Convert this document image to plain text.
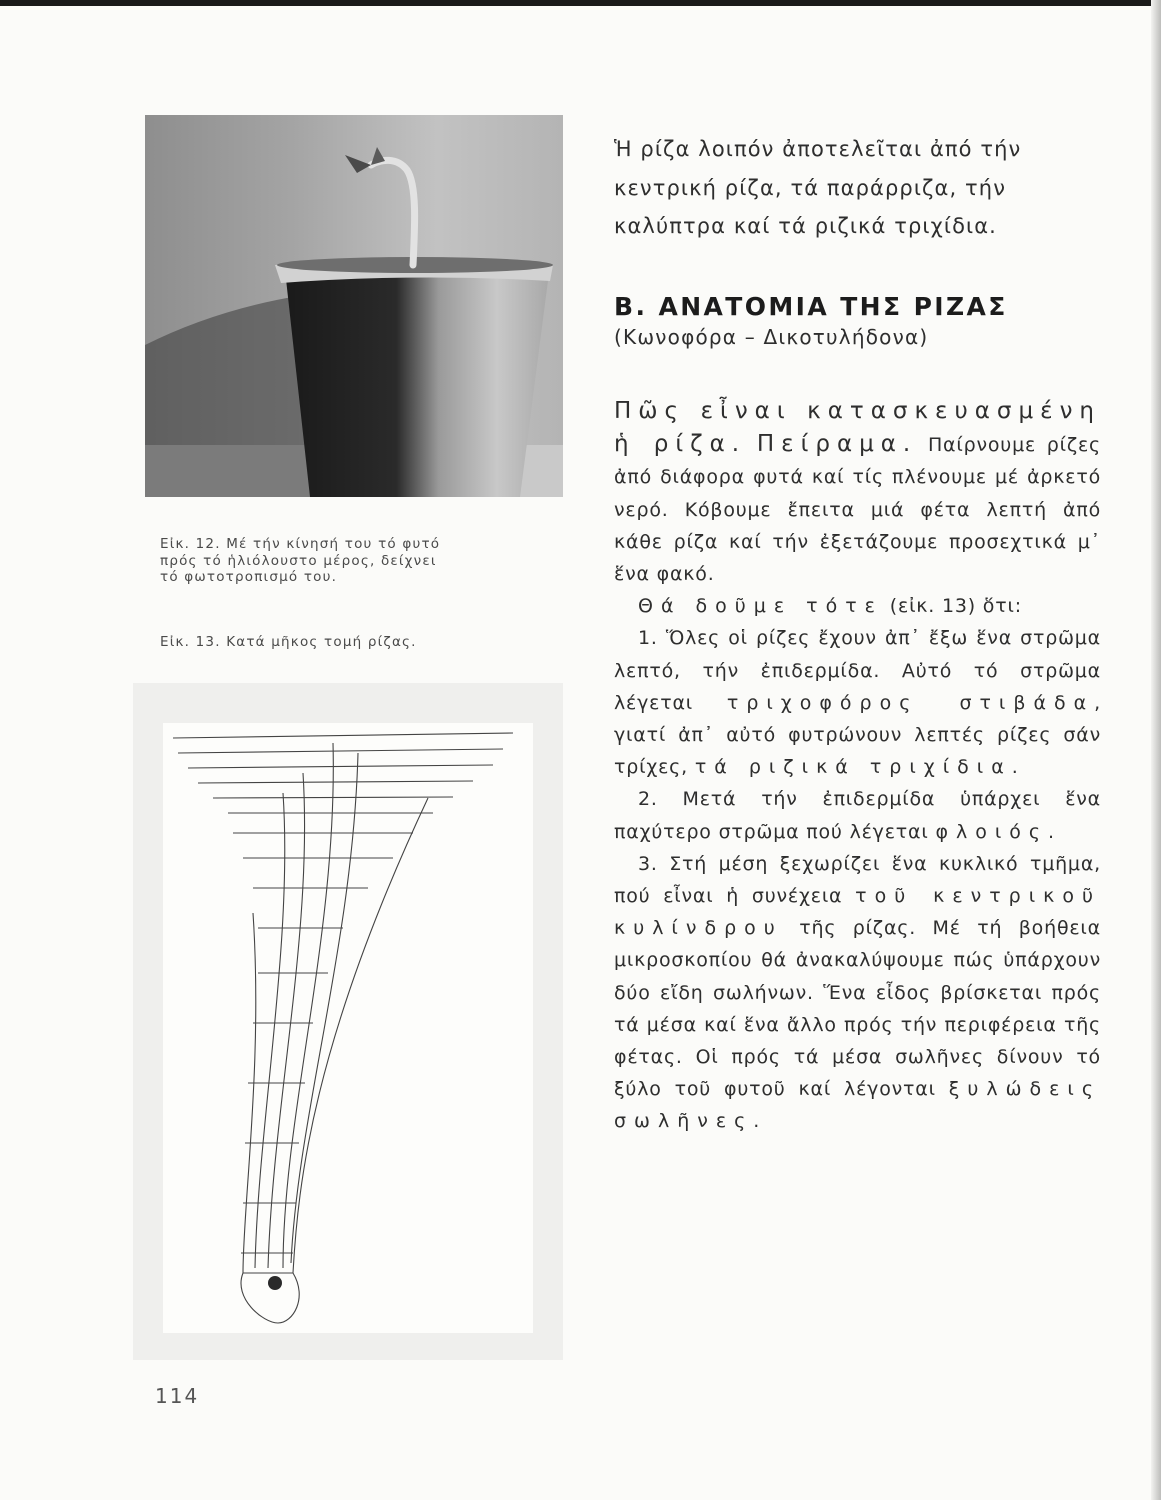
Εἰκ. 12. Μέ τήν κίνησή του τό φυτό πρός τό ἡλιόλουστο μέρος, δείχνει τό φωτοτροπισμό του.

Εἰκ. 13. Κατά μῆκος τομή ρίζας.

114

Ἡ ρίζα λοιπόν ἀποτελεῖται ἀπό τήν κεντρική ρίζα, τά παράρριζα, τήν καλύπτρα καί τά ριζικά τριχίδια.

Β. ΑΝΑΤΟΜΙΑ ΤΗΣ ΡΙΖΑΣ

(Κωνοφόρα – Δικοτυλήδονα)

Πῶς εἶναι κατασκευασμένη ἡ ρίζα. Πείραμα. Παίρνουμε ρίζες ἀπό διάφορα φυτά καί τίς πλένουμε μέ ἀρκετό νερό. Κόβουμε ἔπειτα μιά φέτα λεπτή ἀπό κάθε ρίζα καί τήν ἐξετάζουμε προσεχτικά μ᾿ ἕνα φακό.

Θά δοῦμε τότε (εἰκ. 13) ὅτι:

1. Ὅλες οἱ ρίζες ἔχουν ἀπ᾿ ἔξω ἕνα στρῶμα λεπτό, τήν ἐπιδερμίδα. Αὐτό τό στρῶμα λέγεται τριχοφόρος στιβάδα, γιατί ἀπ᾿ αὐτό φυτρώνουν λεπτές ρίζες σάν τρίχες, τά ριζικά τριχίδια.

2. Μετά τήν ἐπιδερμίδα ὑπάρχει ἕνα παχύτερο στρῶμα πού λέγεται φλοιός.

3. Στή μέση ξεχωρίζει ἕνα κυκλικό τμῆμα, πού εἶναι ἡ συνέχεια τοῦ κεντρικοῦ κυλίνδρου τῆς ρίζας. Μέ τή βοήθεια μικροσκοπίου θά ἀνακαλύψουμε πώς ὑπάρχουν δύο εἴδη σωλήνων. Ἕνα εἶδος βρίσκεται πρός τά μέσα καί ἕνα ἄλλο πρός τήν περιφέρεια τῆς φέτας. Οἱ πρός τά μέσα σωλῆνες δίνουν τό ξύλο τοῦ φυτοῦ καί λέγονται ξυλώδεις σωλῆνες.
